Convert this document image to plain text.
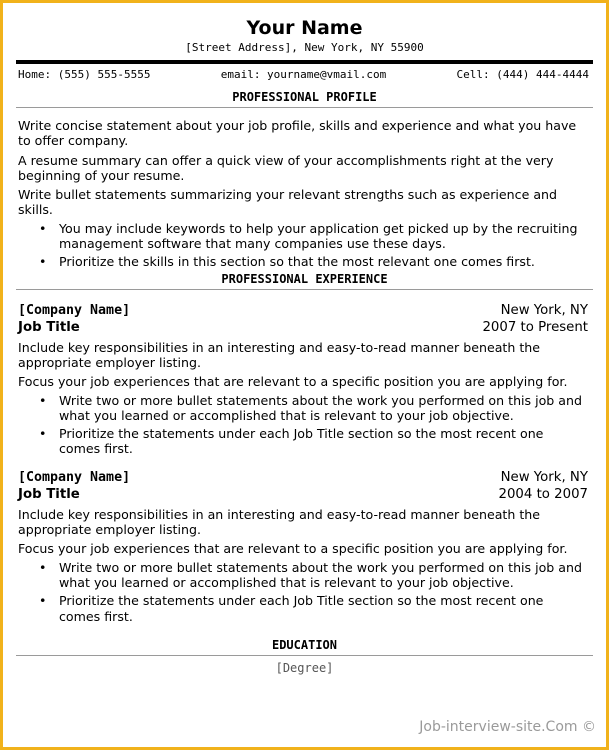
Your Name
[Street Address], New York, NY 55900
Home: (555) 555-5555	email: yourname@vmail.com	Cell: (444) 444-4444
PROFESSIONAL PROFILE

Write concise statement about your job profile, skills and experience and what you have to offer company.

A resume summary can offer a quick view of your accomplishments right at the very beginning of your resume.

Write bullet statements summarizing your relevant strengths such as experience and skills.

• You may include keywords to help your application get picked up by the recruiting management software that many companies use these days.
• Prioritize the skills in this section so that the most relevant one comes first.
PROFESSIONAL EXPERIENCE
[Company Name]	New York, NY
Job Title	2007 to Present

Include key responsibilities in an interesting and easy-to-read manner beneath the appropriate employer listing.

Focus your job experiences that are relevant to a specific position you are applying for.

• Write two or more bullet statements about the work you performed on this job and what you learned or accomplished that is relevant to your job objective.
• Prioritize the statements under each Job Title section so the most recent one comes first.
[Company Name]	New York, NY
Job Title	2004 to 2007

Include key responsibilities in an interesting and easy-to-read manner beneath the appropriate employer listing.

Focus your job experiences that are relevant to a specific position you are applying for.

• Write two or more bullet statements about the work you performed on this job and what you learned or accomplished that is relevant to your job objective.
• Prioritize the statements under each Job Title section so the most recent one comes first.
EDUCATION
[Degree]
Job-interview-site.Com ©
